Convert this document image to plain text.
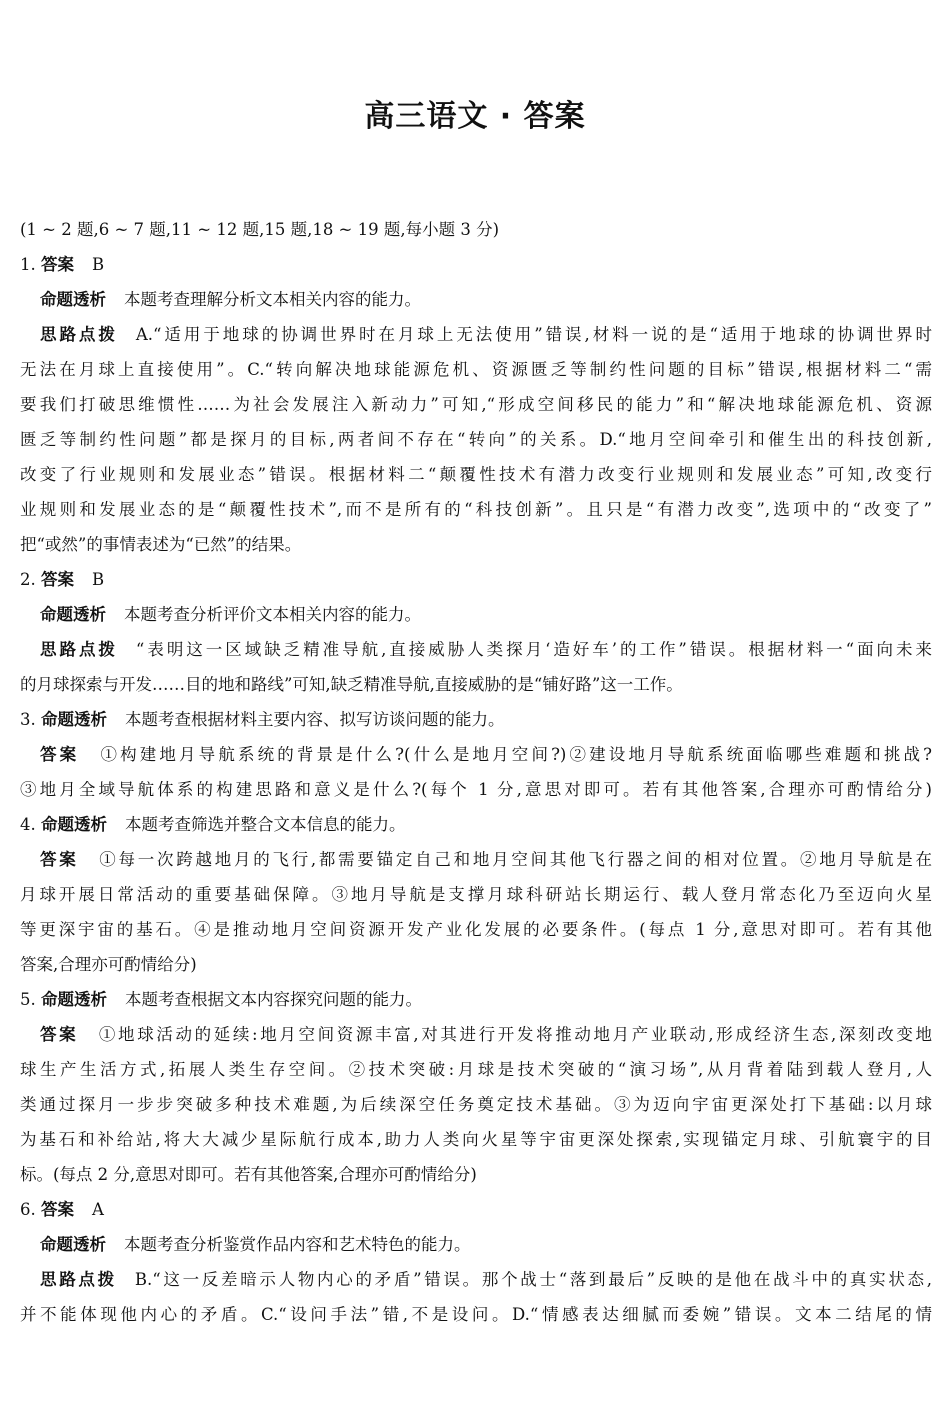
高三语文 · 答案
(1 ~ 2 题,6 ~ 7 题,11 ~ 12 题,15 题,18 ~ 19 题,每小题 3 分)
1. 答案 B
命题透析 本题考查理解分析文本相关内容的能力。
思路点拨 A.“适用于地球的协调世界时在月球上无法使用”错误,材料一说的是“适用于地球的协调世界时
无法在月球上直接使用”。C.“转向解决地球能源危机、资源匮乏等制约性问题的目标”错误,根据材料二“需
要我们打破思维惯性……为社会发展注入新动力”可知,“形成空间移民的能力”和“解决地球能源危机、资源
匮乏等制约性问题”都是探月的目标,两者间不存在“转向”的关系。D.“地月空间牵引和催生出的科技创新,
改变了行业规则和发展业态”错误。根据材料二“颠覆性技术有潜力改变行业规则和发展业态”可知,改变行
业规则和发展业态的是“颠覆性技术”,而不是所有的“科技创新”。且只是“有潜力改变”,选项中的“改变了”
把“或然”的事情表述为“已然”的结果。
2. 答案 B
命题透析 本题考查分析评价文本相关内容的能力。
思路点拨 “表明这一区域缺乏精准导航,直接威胁人类探月‘造好车’的工作”错误。根据材料一“面向未来
的月球探索与开发……目的地和路线”可知,缺乏精准导航,直接威胁的是“铺好路”这一工作。
3. 命题透析 本题考查根据材料主要内容、拟写访谈问题的能力。
答案 ①构建地月导航系统的背景是什么?(什么是地月空间?)②建设地月导航系统面临哪些难题和挑战?
③地月全域导航体系的构建思路和意义是什么?(每个 1 分,意思对即可。若有其他答案,合理亦可酌情给分)
4. 命题透析 本题考查筛选并整合文本信息的能力。
答案 ①每一次跨越地月的飞行,都需要锚定自己和地月空间其他飞行器之间的相对位置。②地月导航是在
月球开展日常活动的重要基础保障。③地月导航是支撑月球科研站长期运行、载人登月常态化乃至迈向火星
等更深宇宙的基石。④是推动地月空间资源开发产业化发展的必要条件。(每点 1 分,意思对即可。若有其他
答案,合理亦可酌情给分)
5. 命题透析 本题考查根据文本内容探究问题的能力。
答案 ①地球活动的延续:地月空间资源丰富,对其进行开发将推动地月产业联动,形成经济生态,深刻改变地
球生产生活方式,拓展人类生存空间。②技术突破:月球是技术突破的“演习场”,从月背着陆到载人登月,人
类通过探月一步步突破多种技术难题,为后续深空任务奠定技术基础。③为迈向宇宙更深处打下基础:以月球
为基石和补给站,将大大减少星际航行成本,助力人类向火星等宇宙更深处探索,实现锚定月球、引航寰宇的目
标。(每点 2 分,意思对即可。若有其他答案,合理亦可酌情给分)
6. 答案 A
命题透析 本题考查分析鉴赏作品内容和艺术特色的能力。
思路点拨 B.“这一反差暗示人物内心的矛盾”错误。那个战士“落到最后”反映的是他在战斗中的真实状态,
并不能体现他内心的矛盾。C.“设问手法”错,不是设问。D.“情感表达细腻而委婉”错误。文本二结尾的情
